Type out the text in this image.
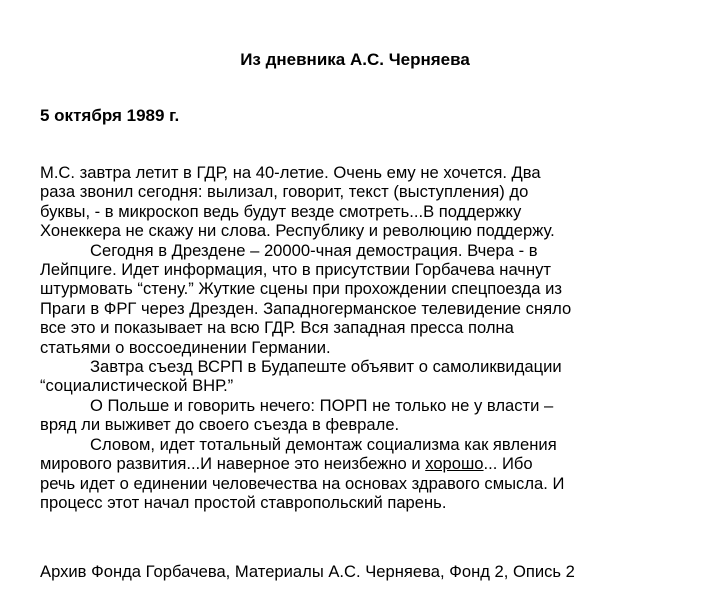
Из дневника А.С. Черняева
5 октября 1989 г.
М.С. завтра летит в ГДР, на 40-летие. Очень ему не хочется. Два
раза звонил сегодня: вылизал, говорит, текст (выступления) до
буквы, - в микроскоп ведь будут везде смотреть...В поддержку
Хонеккера не скажу ни слова. Республику и революцию поддержу.
Сегодня в Дрездене – 20000-чная демострация. Вчера - в
Лейпциге. Идет информация, что в присутствии Горбачева начнут
штурмовать “стену.” Жуткие сцены при прохождении спецпоезда из
Праги в ФРГ через Дрезден. Западногерманское телевидение сняло
все это и показывает на всю ГДР. Вся западная пресса полна
статьями о воссоединении Германии.
Завтра съезд ВСРП в Будапеште объявит о самоликвидации
“социалистической ВНР.”
О Польше и говорить нечего: ПОРП не только не у власти –
вряд ли выживет до своего съезда в феврале.
Словом, идет тотальный демонтаж социализма как явления
мирового развития...И наверное это неизбежно и хорошо... Ибо
речь идет о единении человечества на основах здравого смысла. И
процесс этот начал простой ставропольский парень.
Архив Фонда Горбачева, Материалы А.С. Черняева, Фонд 2, Опись 2
